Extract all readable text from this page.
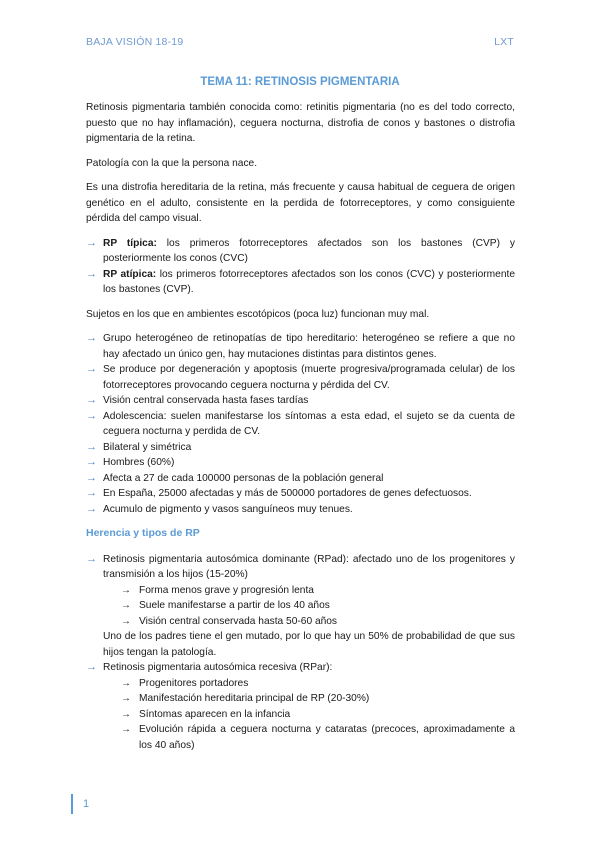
BAJA VISIÓN 18-19	LXT
TEMA 11: RETINOSIS PIGMENTARIA

Retinosis pigmentaria también conocida como: retinitis pigmentaria (no es del todo correcto, puesto que no hay inflamación), ceguera nocturna, distrofia de conos y bastones o distrofia pigmentaria de la retina.

Patología con la que la persona nace.

Es una distrofia hereditaria de la retina, más frecuente y causa habitual de ceguera de origen genético en el adulto, consistente en la perdida de fotorreceptores, y como consiguiente pérdida del campo visual.

→ RP típica: los primeros fotorreceptores afectados son los bastones (CVP) y posteriormente los conos (CVC)
→ RP atípica: los primeros fotorreceptores afectados son los conos (CVC) y posteriormente los bastones (CVP).

Sujetos en los que en ambientes escotópicos (poca luz) funcionan muy mal.

→ Grupo heterogéneo de retinopatías de tipo hereditario: heterogéneo se refiere a que no hay afectado un único gen, hay mutaciones distintas para distintos genes.
→ Se produce por degeneración y apoptosis (muerte progresiva/programada celular) de los fotorreceptores provocando ceguera nocturna y pérdida del CV.
→ Visión central conservada hasta fases tardías
→ Adolescencia: suelen manifestarse los síntomas a esta edad, el sujeto se da cuenta de ceguera nocturna y perdida de CV.
→ Bilateral y simétrica
→ Hombres (60%)
→ Afecta a 27 de cada 100000 personas de la población general
→ En España, 25000 afectadas y más de 500000 portadores de genes defectuosos.
→ Acumulo de pigmento y vasos sanguíneos muy tenues.
Herencia y tipos de RP
→ Retinosis pigmentaria autosómica dominante (RPad): afectado uno de los progenitores y transmisión a los hijos (15-20%)
→ Forma menos grave y progresión lenta
→ Suele manifestarse a partir de los 40 años
→ Visión central conservada hasta 50-60 años
Uno de los padres tiene el gen mutado, por lo que hay un 50% de probabilidad de que sus hijos tengan la patología.
→ Retinosis pigmentaria autosómica recesiva (RPar):
→ Progenitores portadores
→ Manifestación hereditaria principal de RP (20-30%)
→ Síntomas aparecen en la infancia
→ Evolución rápida a ceguera nocturna y cataratas (precoces, aproximadamente a los 40 años)
1
